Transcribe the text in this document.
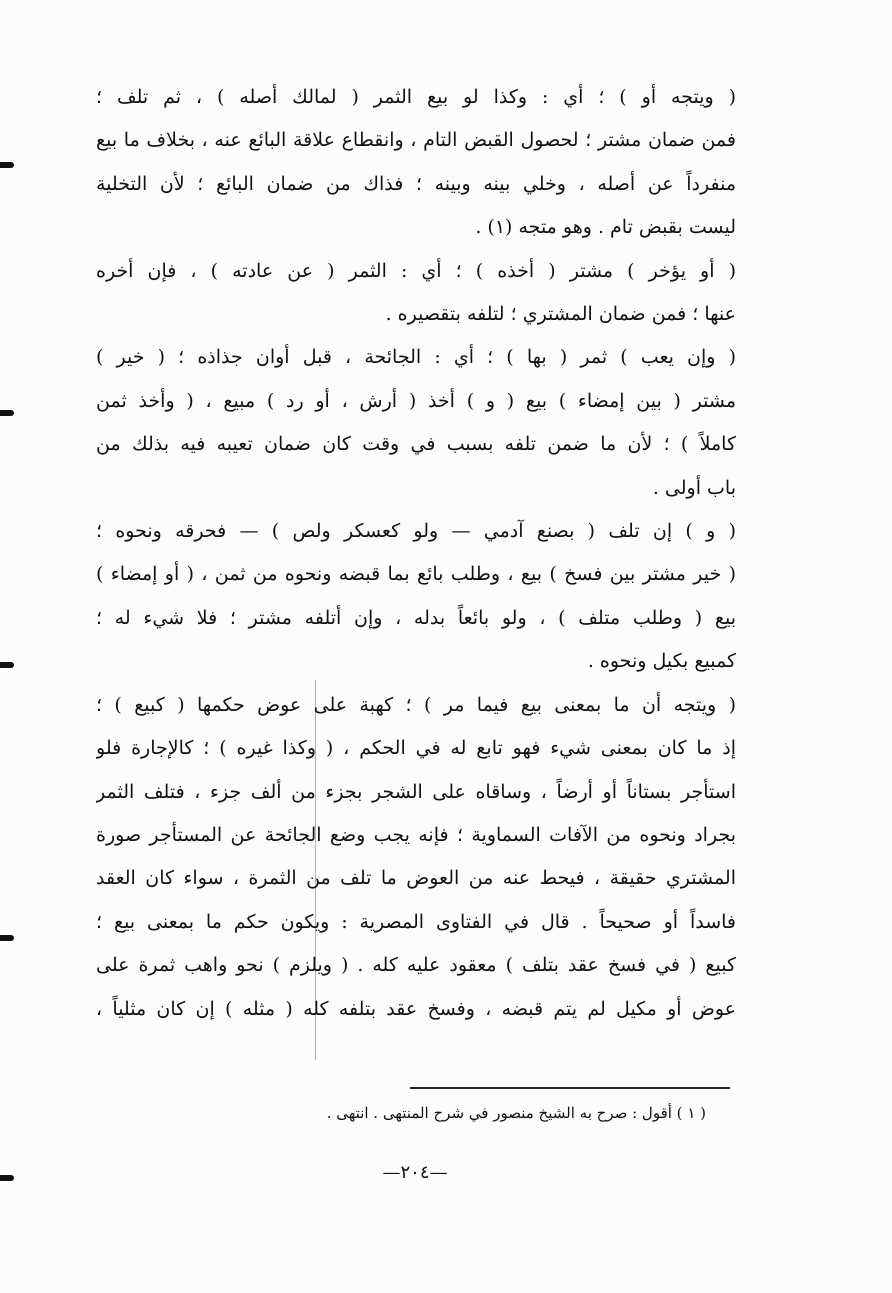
( ويتجه أو ) ؛ أي : وكذا لو بيع الثمر ( لمالك أصله ) ، ثم تلف ؛
فمن ضمان مشتر ؛ لحصول القبض التام ، وانقطاع علاقة البائع عنه ، بخلاف ما بيع
منفرداً عن أصله ، وخلي بينه وبينه ؛ فذاك من ضمان البائع ؛ لأن التخلية
ليست بقبض تام . وهو متجه (١) .

( أو يؤخر ) مشتر ( أخذه ) ؛ أي : الثمر ( عن عادته ) ، فإن أخره
عنها ؛ فمن ضمان المشتري ؛ لتلفه بتقصيره .

( وإن يعب ) ثمر ( بها ) ؛ أي : الجائحة ، قبل أوان جذاذه ؛ ( خير )
مشتر ( بين إمضاء ) بيع ( و ) أخذ ( أرش ، أو رد ) مبيع ، ( وأخذ ثمن
كاملاً ) ؛ لأن ما ضمن تلفه بسبب في وقت كان ضمان تعيبه فيه بذلك من
باب أولى .

( و ) إن تلف ( بصنع آدمي — ولو كعسكر ولص ) — فحرقه ونحوه ؛
( خير مشتر بين فسخ ) بيع ، وطلب بائع بما قبضه ونحوه من ثمن ، ( أو إمضاء )
بيع ( وطلب متلف ) ، ولو بائعاً بدله ، وإن أتلفه مشتر ؛ فلا شيء له ؛
كمبيع بكيل ونحوه .

( ويتجه أن ما بمعنى بيع فيما مر ) ؛ كهبة على عوض حكمها ( كبيع ) ؛
إذ ما كان بمعنى شيء فهو تابع له في الحكم ، ( وكذا غيره ) ؛ كالإجارة فلو
استأجر بستاناً أو أرضاً ، وساقاه على الشجر بجزء من ألف جزء ، فتلف الثمر
بجراد ونحوه من الآفات السماوية ؛ فإنه يجب وضع الجائحة عن المستأجر صورة
المشتري حقيقة ، فيحط عنه من العوض ما تلف من الثمرة ، سواء كان العقد
فاسداً أو صحيحاً . قال في الفتاوى المصرية : ويكون حكم ما بمعنى بيع ؛
كبيع ( في فسخ عقد بتلف ) معقود عليه كله . ( ويلزم ) نحو واهب ثمرة على
عوض أو مكيل لم يتم قبضه ، وفسخ عقد بتلفه كله ( مثله ) إن كان مثلياً ،

( ١ ) أقول : صرح به الشيخ منصور في شرح المنتهى . انتهى .
—٢٠٤—
